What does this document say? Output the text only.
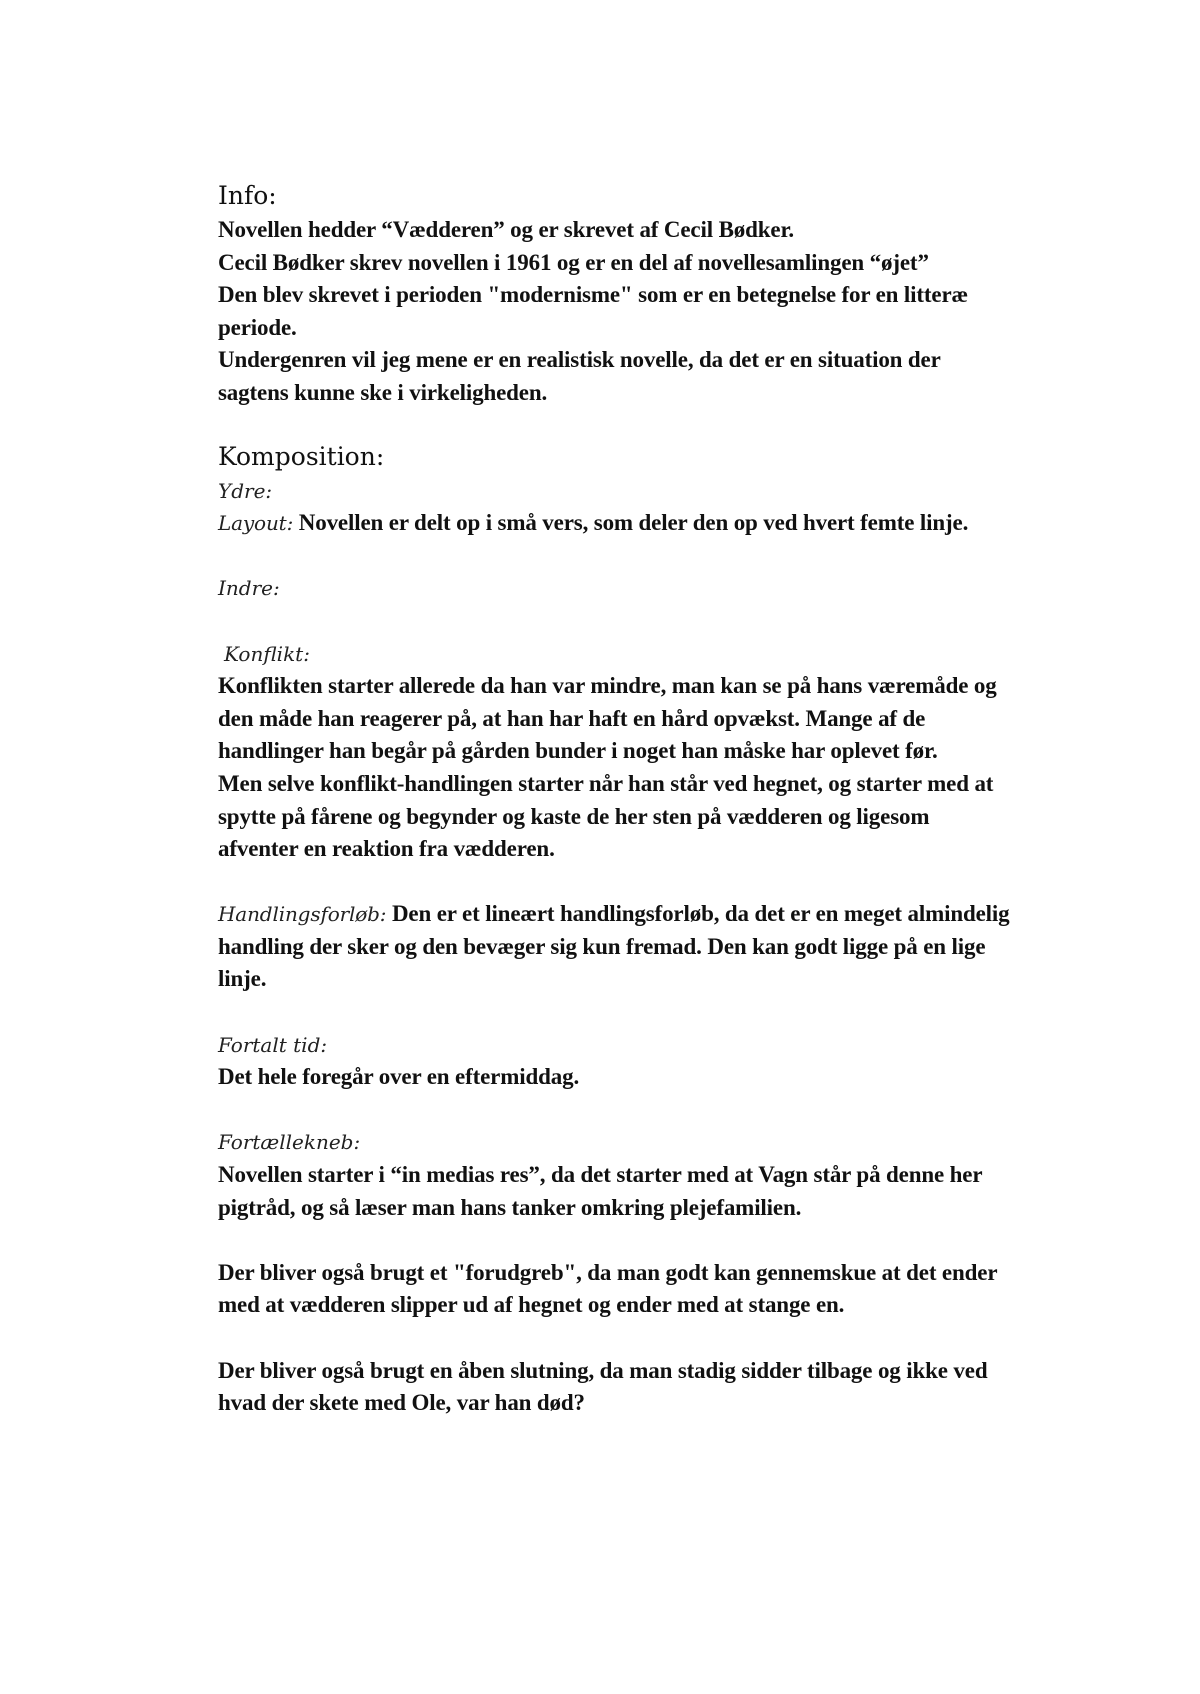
Info:

Novellen hedder “Vædderen” og er skrevet af Cecil Bødker.

Cecil Bødker skrev novellen i 1961 og er en del af novellesamlingen “øjet”

Den blev skrevet i perioden "modernisme" som er en betegnelse for en litteræ

periode.

Undergenren vil jeg mene er en realistisk novelle, da det er en situation der

sagtens kunne ske i virkeligheden.

Komposition:

Ydre:

Layout: Novellen er delt op i små vers, som deler den op ved hvert femte linje.

Indre:

Konflikt:

Konflikten starter allerede da han var mindre, man kan se på hans væremåde og

den måde han reagerer på, at han har haft en hård opvækst. Mange af de

handlinger han begår på gården bunder i noget han måske har oplevet før.

Men selve konflikt-handlingen starter når han står ved hegnet, og starter med at

spytte på fårene og begynder og kaste de her sten på vædderen og ligesom

afventer en reaktion fra vædderen.

Handlingsforløb: Den er et lineært handlingsforløb, da det er en meget almindelig

handling der sker og den bevæger sig kun fremad. Den kan godt ligge på en lige

linje.

Fortalt tid:

Det hele foregår over en eftermiddag.

Fortællekneb:

Novellen starter i “in medias res”, da det starter med at Vagn står på denne her

pigtråd, og så læser man hans tanker omkring plejefamilien.

Der bliver også brugt et "forudgreb", da man godt kan gennemskue at det ender

med at vædderen slipper ud af hegnet og ender med at stange en.

Der bliver også brugt en åben slutning, da man stadig sidder tilbage og ikke ved

hvad der skete med Ole, var han død?
